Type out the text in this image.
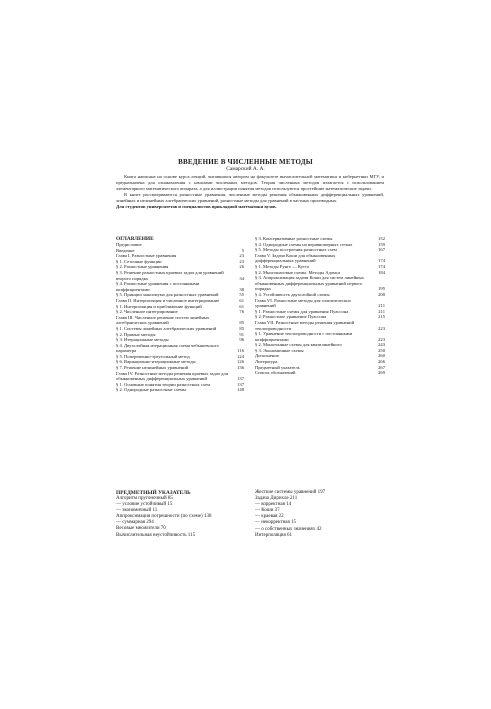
ВВЕДЕНИЕ В ЧИСЛЕННЫЕ МЕТОДЫ
Самарский А. А.

Книга написана на основе курса лекций, читавшихся автором на факультете вычислительной математики и кибернетики МГУ, и предназначена для ознакомления с началами численных методов. Теория численных методов излагается с использованием элементарного математического аппарата, а для иллюстрации понятия методов используются простейшие математические задачи.

В книге рассматриваются разностные уравнения, численные методы решения обыкновенных дифференциальных уравнений, линейных и нелинейных алгебраических уравнений, разностные методы для уравнений в частных производных.

Для студентов университетов и специалистов прикладной математики вузов.

ОГЛАВЛЕНИЕ
Предисловие
Введение	5
Глава I. Разностные уравнения	23
§ 1. Сеточные функции	23
§ 2. Разностные уравнения	26
§ 3. Решение разностных краевых задач для уравнений второго порядка	34
§ 4. Разностные уравнения с постоянными коэффициентами	38
§ 5. Принцип максимума для разностных уравнений	55
Глава II. Интерполяция и численное интегрирование	61
§ 1. Интерполяция и приближение функций	61
§ 2. Численное интегрирование	76
Глава III. Численное решение систем линейных алгебраических уравнений	85
§ 1. Системы линейных алгебраических уравнений	85
§ 2. Прямые методы	91
§ 3. Итерационные методы	96
§ 4. Двухслойная итерационная схема чебышевского параметра	116
§ 5. Попеременно-треугольный метод	124
§ 6. Вариационно-итерационные методы	126
§ 7. Решение нелинейных уравнений	136
Глава IV. Разностные методы решения краевых задач для обыкновенных дифференциальных уравнений	137
§ 1. Основные понятия теории разностных схем	137
§ 2. Однородные разностные схемы	148
§ 3. Консервативные разностные схемы	152
§ 4. Однородные схемы на неравномерных сетках	159
§ 5. Методы построения разностных схем	167
Глава V. Задача Коши для обыкновенных дифференциальных уравнений	174
§ 1. Методы Рунге — Кутта	174
§ 2. Многошаговые схемы. Методы Адамса	184
§ 3. Аппроксимация задачи Коши для систем линейных обыкновенных дифференциальных уравнений первого порядка	195
§ 4. Устойчивость двухслойной схемы	200
Глава VI. Разностные методы для эллиптических уравнений	211
§ 1. Разностные схемы для уравнения Пуассона	211
§ 2. Разностное уравнение Пуассона	215
Глава VII. Разностные методы решения уравнений теплопроводности	223
§ 1. Уравнение теплопроводности с постоянными коэффициентами	223
§ 2. Монотонные схемы для квазилинейного	243
§ 3. Экономичные схемы	250
Дополнение	260
Литература	266
Предметный указатель	267
Список обозначений	269
ПРЕДМЕТНЫЙ УКАЗАТЕЛЬ
Алгоритм пругоночный 85
— условие устойчивый 15
— экономичный 11
Аппроксимация погрешности (по схеме) 138
— суммарная 294
Весовые множители 70
Вычислительная неустойчивость 115
Жесткие системы уравнений 197
Задача Дирихле 211
— корректная 14
— Коши 37
— краевая 22
— некорректная 15
— о собственных значениях 42
Интерполяция 61
